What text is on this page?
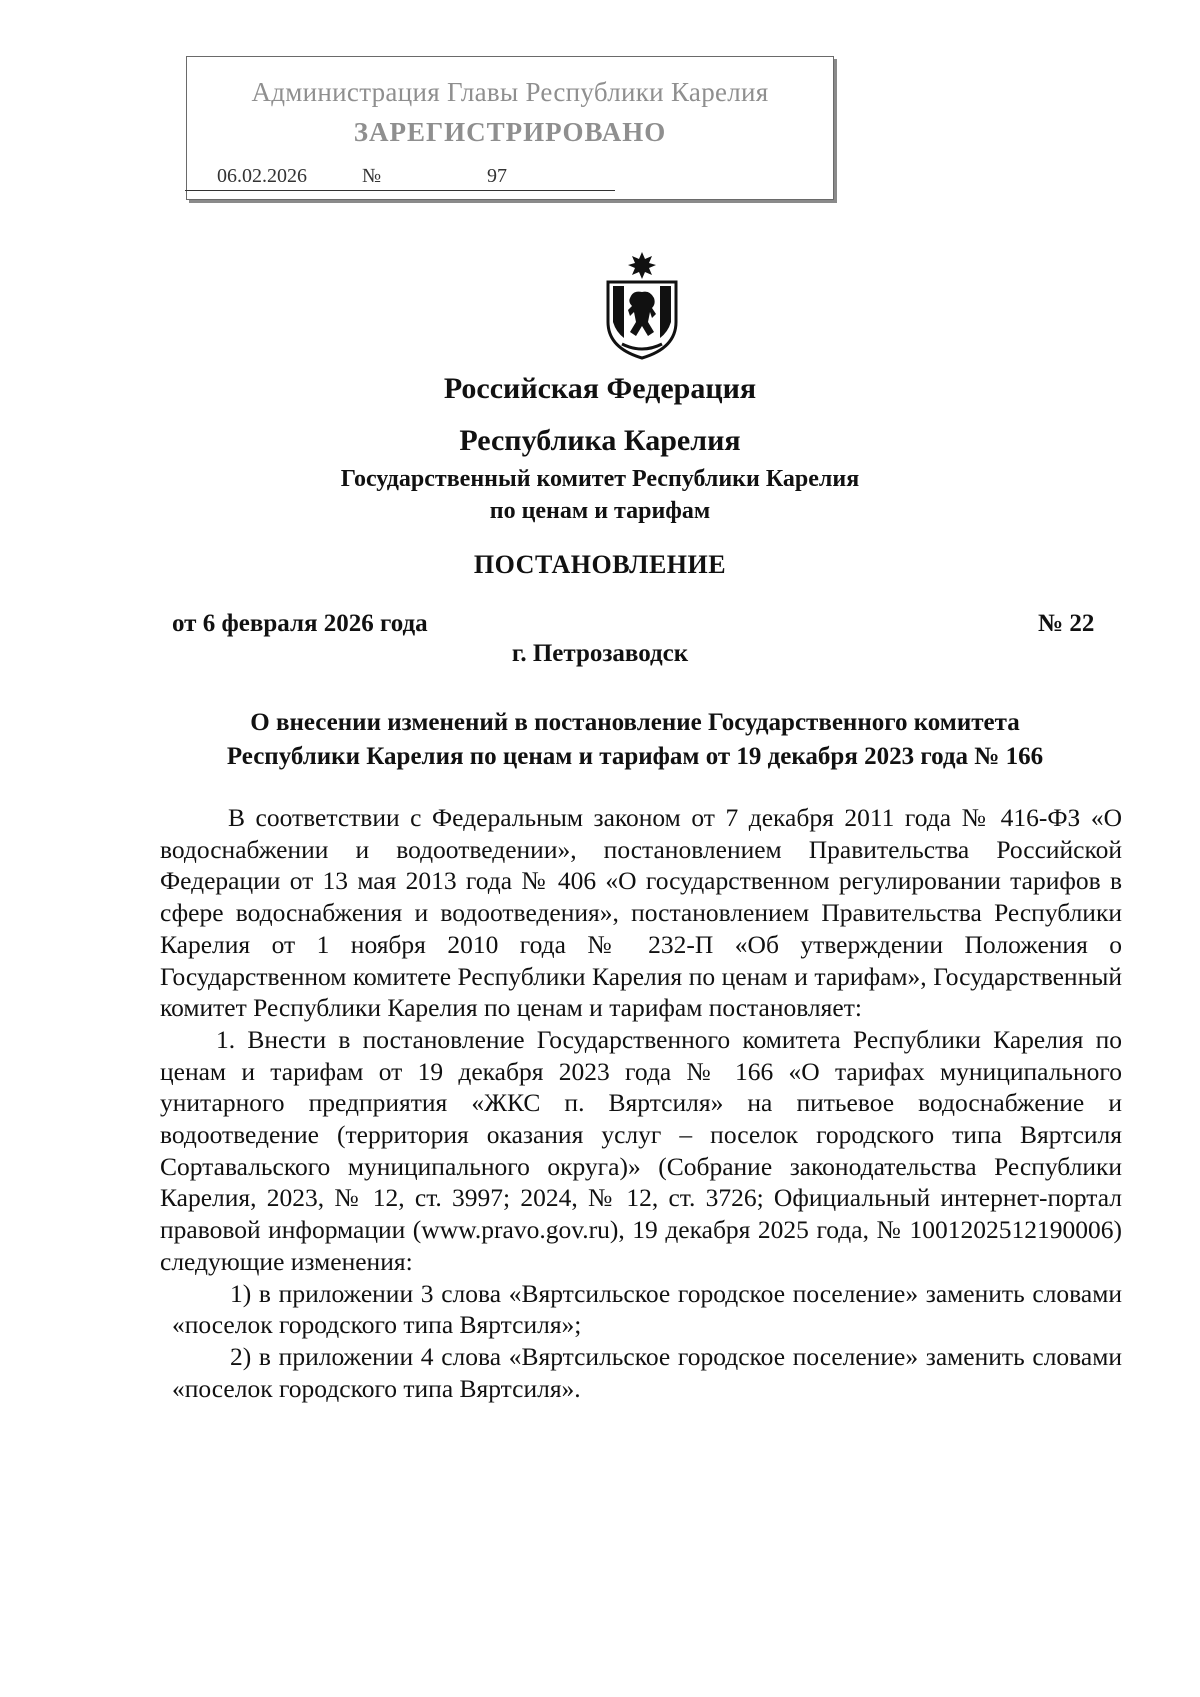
Администрация Главы Республики Карелия
ЗАРЕГИСТРИРОВАНО
06.02.2026	№	97
Российская Федерация
Республика Карелия
Государственный комитет Республики Карелия
по ценам и тарифам
ПОСТАНОВЛЕНИЕ
от 6 февраля 2026 года	№ 22
г. Петрозаводск
О внесении изменений в постановление Государственного комитета
Республики Карелия по ценам и тарифам от 19 декабря 2023 года № 166

В соответствии с Федеральным законом от 7 декабря 2011 года № 416-ФЗ «О водоснабжении и водоотведении», постановлением Правительства Российской Федерации от 13 мая 2013 года № 406 «О государственном регулировании тарифов в сфере водоснабжения и водоотведения», постановлением Правительства Республики Карелия от 1 ноября 2010 года № 232-П «Об утверждении Положения о Государственном комитете Республики Карелия по ценам и тарифам», Государственный комитет Республики Карелия по ценам и тарифам постановляет:

1. Внести в постановление Государственного комитета Республики Карелия по ценам и тарифам от 19 декабря 2023 года № 166 «О тарифах муниципального унитарного предприятия «ЖКС п. Вяртсиля» на питьевое водоснабжение и водоотведение (территория оказания услуг – поселок городского типа Вяртсиля Сортавальского муниципального округа)» (Собрание законодательства Республики Карелия, 2023, № 12, ст. 3997; 2024, № 12, ст. 3726; Официальный интернет-портал правовой информации (www.pravo.gov.ru), 19 декабря 2025 года, № 1001202512190006) следующие изменения:

1) в приложении 3 слова «Вяртсильское городское поселение» заменить словами «поселок городского типа Вяртсиля»;

2) в приложении 4 слова «Вяртсильское городское поселение» заменить словами «поселок городского типа Вяртсиля».
